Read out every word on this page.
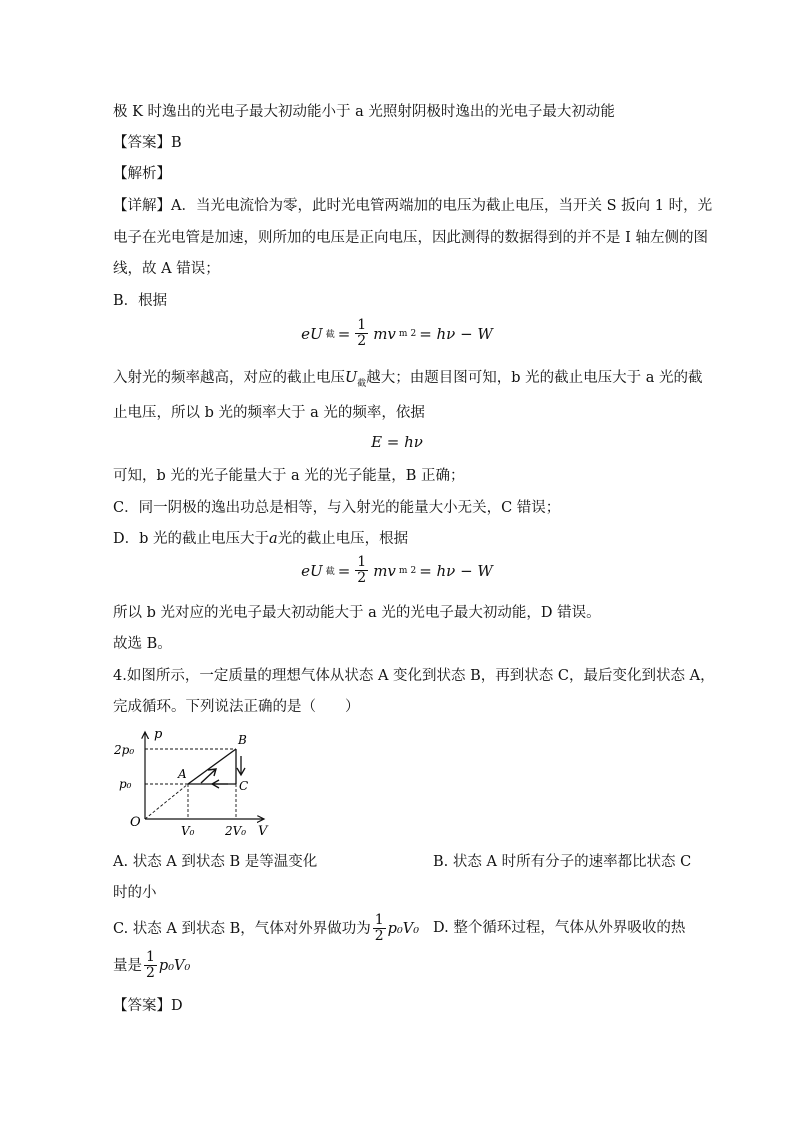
极 K 时逸出的光电子最大初动能小于 a 光照射阴极时逸出的光电子最大初动能
【答案】B
【解析】
【详解】A．当光电流恰为零，此时光电管两端加的电压为截止电压，当开关 S 扳向 1 时，光
电子在光电管是加速，则所加的电压是正向电压，因此测得的数据得到的并不是 I 轴左侧的图
线，故 A 错误；
B．根据
eU 截 = $\frac{1}{2}$ mv m 2 = hν − W
入射光的频率越高，对应的截止电压$U_截$越大；由题目图可知，b 光的截止电压大于 a 光的截
止电压，所以 b 光的频率大于 a 光的频率，依据
E = hν
可知，b 光的光子能量大于 a 光的光子能量，B 正确；
C．同一阴极的逸出功总是相等，与入射光的能量大小无关，C 错误；
D．b 光的截止电压大于a光的截止电压，根据
eU 截 = $\frac{1}{2}$ mv m 2 = hν − W
所以 b 光对应的光电子最大初动能大于 a 光的光电子最大初动能，D 错误。
故选 B。
4.如图所示，一定质量的理想气体从状态 A 变化到状态 B，再到状态 C，最后变化到状态 A，
完成循环。下列说法正确的是（　　）
p
V
O
2p₀
p₀
V₀	2V₀
A
B
C
A. 状态 A 到状态 B 是等温变化	B. 状态 A 时所有分子的速率都比状态 C
时的小
C. 状态 A 到状态 B，气体对外界做功为 $\frac{1}{2} p_0V_0$ D. 整个循环过程，气体从外界吸收的热
量是 $\frac{1}{2} p_0V_0$
【答案】D
